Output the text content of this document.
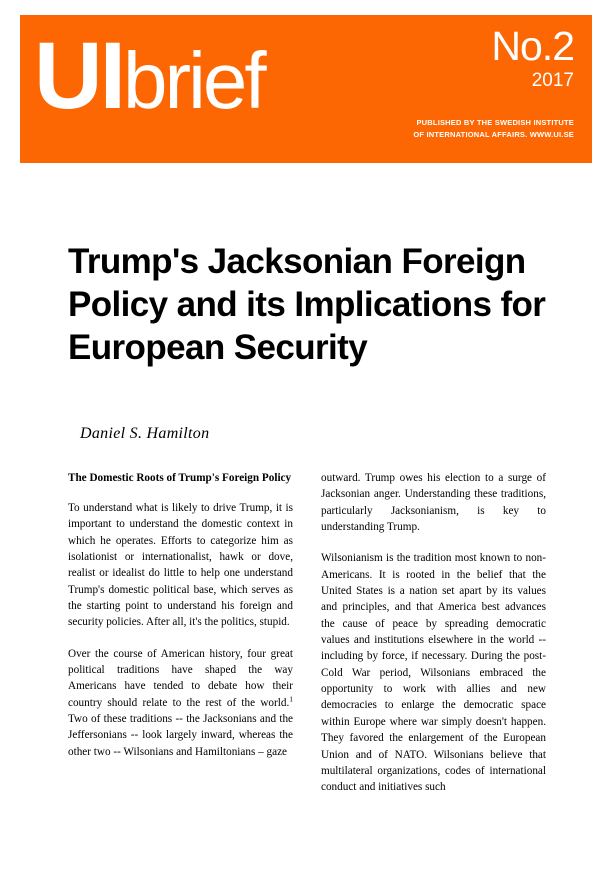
UIbrief	No.2
2017
PUBLISHED BY THE SWEDISH INSTITUTE
OF INTERNATIONAL AFFAIRS. WWW.UI.SE
Trump's Jacksonian Foreign Policy and its Implications for European Security
Daniel S. Hamilton
The Domestic Roots of Trump's Foreign Policy

To understand what is likely to drive Trump, it is important to understand the domestic context in which he operates. Efforts to categorize him as isolationist or internationalist, hawk or dove, realist or idealist do little to help one understand Trump's domestic political base, which serves as the starting point to understand his foreign and security policies. After all, it's the politics, stupid.

Over the course of American history, four great political traditions have shaped the way Americans have tended to debate how their country should relate to the rest of the world.$^1$ Two of these traditions -- the Jacksonians and the Jeffersonians -- look largely inward, whereas the other two -- Wilsonians and Hamiltonians – gaze

outward. Trump owes his election to a surge of Jacksonian anger. Understanding these traditions, particularly Jacksonianism, is key to understanding Trump.

Wilsonianism is the tradition most known to non-Americans. It is rooted in the belief that the United States is a nation set apart by its values and principles, and that America best advances the cause of peace by spreading democratic values and institutions elsewhere in the world -- including by force, if necessary. During the post-Cold War period, Wilsonians embraced the opportunity to work with allies and new democracies to enlarge the democratic space within Europe where war simply doesn't happen. They favored the enlargement of the European Union and of NATO. Wilsonians believe that multilateral organizations, codes of international conduct and initiatives such
